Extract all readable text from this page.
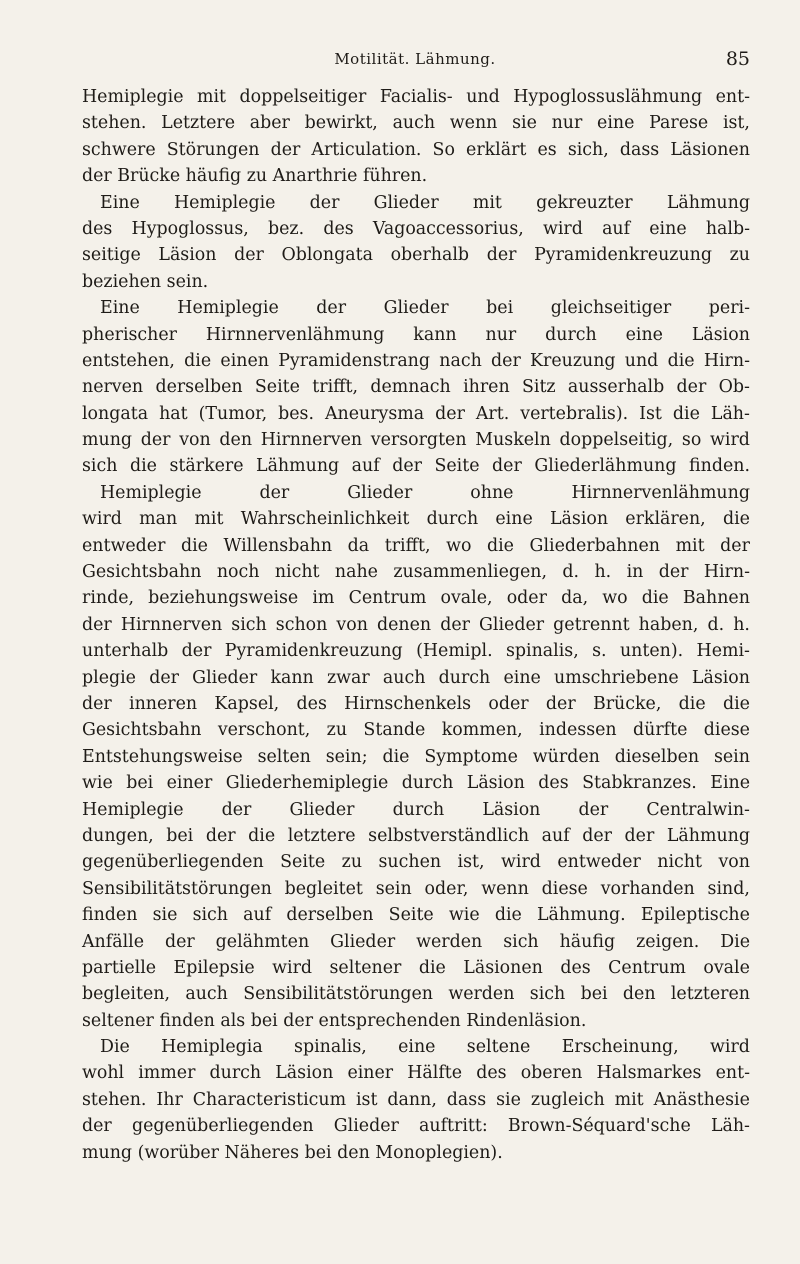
Motilität. Lähmung.	85
Hemiplegie mit doppelseitiger Facialis- und Hypoglossuslähmung ent-
stehen. Letztere aber bewirkt, auch wenn sie nur eine Parese ist,
schwere Störungen der Articulation. So erklärt es sich, dass Läsionen
der Brücke häufig zu Anarthrie führen.
Eine Hemiplegie der Glieder mit gekreuzter Lähmung
des Hypoglossus, bez. des Vagoaccessorius, wird auf eine halb-
seitige Läsion der Oblongata oberhalb der Pyramidenkreuzung zu
beziehen sein.
Eine Hemiplegie der Glieder bei gleichseitiger peri-
pherischer Hirnnervenlähmung kann nur durch eine Läsion
entstehen, die einen Pyramidenstrang nach der Kreuzung und die Hirn-
nerven derselben Seite trifft, demnach ihren Sitz ausserhalb der Ob-
longata hat (Tumor, bes. Aneurysma der Art. vertebralis). Ist die Läh-
mung der von den Hirnnerven versorgten Muskeln doppelseitig, so wird
sich die stärkere Lähmung auf der Seite der Gliederlähmung finden.
Hemiplegie	der	Glieder	ohne	Hirnnervenlähmung
wird man mit Wahrscheinlichkeit durch eine Läsion erklären, die
entweder die Willensbahn da trifft, wo die Gliederbahnen mit der
Gesichtsbahn noch nicht nahe zusammenliegen, d. h. in der Hirn-
rinde, beziehungsweise im Centrum ovale, oder da, wo die Bahnen
der Hirnnerven sich schon von denen der Glieder getrennt haben, d. h.
unterhalb der Pyramidenkreuzung (Hemipl. spinalis, s. unten). Hemi-
plegie der Glieder kann zwar auch durch eine umschriebene Läsion
der inneren Kapsel, des Hirnschenkels oder der Brücke, die die
Gesichtsbahn verschont, zu Stande kommen, indessen dürfte diese
Entstehungsweise selten sein; die Symptome würden dieselben sein
wie bei einer Gliederhemiplegie durch Läsion des Stabkranzes. Eine
Hemiplegie der Glieder durch Läsion der Centralwin-
dungen, bei der die letztere selbstverständlich auf der der Lähmung
gegenüberliegenden Seite zu suchen ist, wird entweder nicht von
Sensibilitätstörungen begleitet sein oder, wenn diese vorhanden sind,
finden sie sich auf derselben Seite wie die Lähmung. Epileptische
Anfälle der gelähmten Glieder werden sich häufig zeigen. Die
partielle Epilepsie wird seltener die Läsionen des Centrum ovale
begleiten, auch Sensibilitätstörungen werden sich bei den letzteren
seltener finden als bei der entsprechenden Rindenläsion.
Die Hemiplegia spinalis, eine seltene Erscheinung, wird
wohl immer durch Läsion einer Hälfte des oberen Halsmarkes ent-
stehen. Ihr Characteristicum ist dann, dass sie zugleich mit Anästhesie
der gegenüberliegenden Glieder auftritt: Brown-Séquard'sche Läh-
mung (worüber Näheres bei den Monoplegien).
